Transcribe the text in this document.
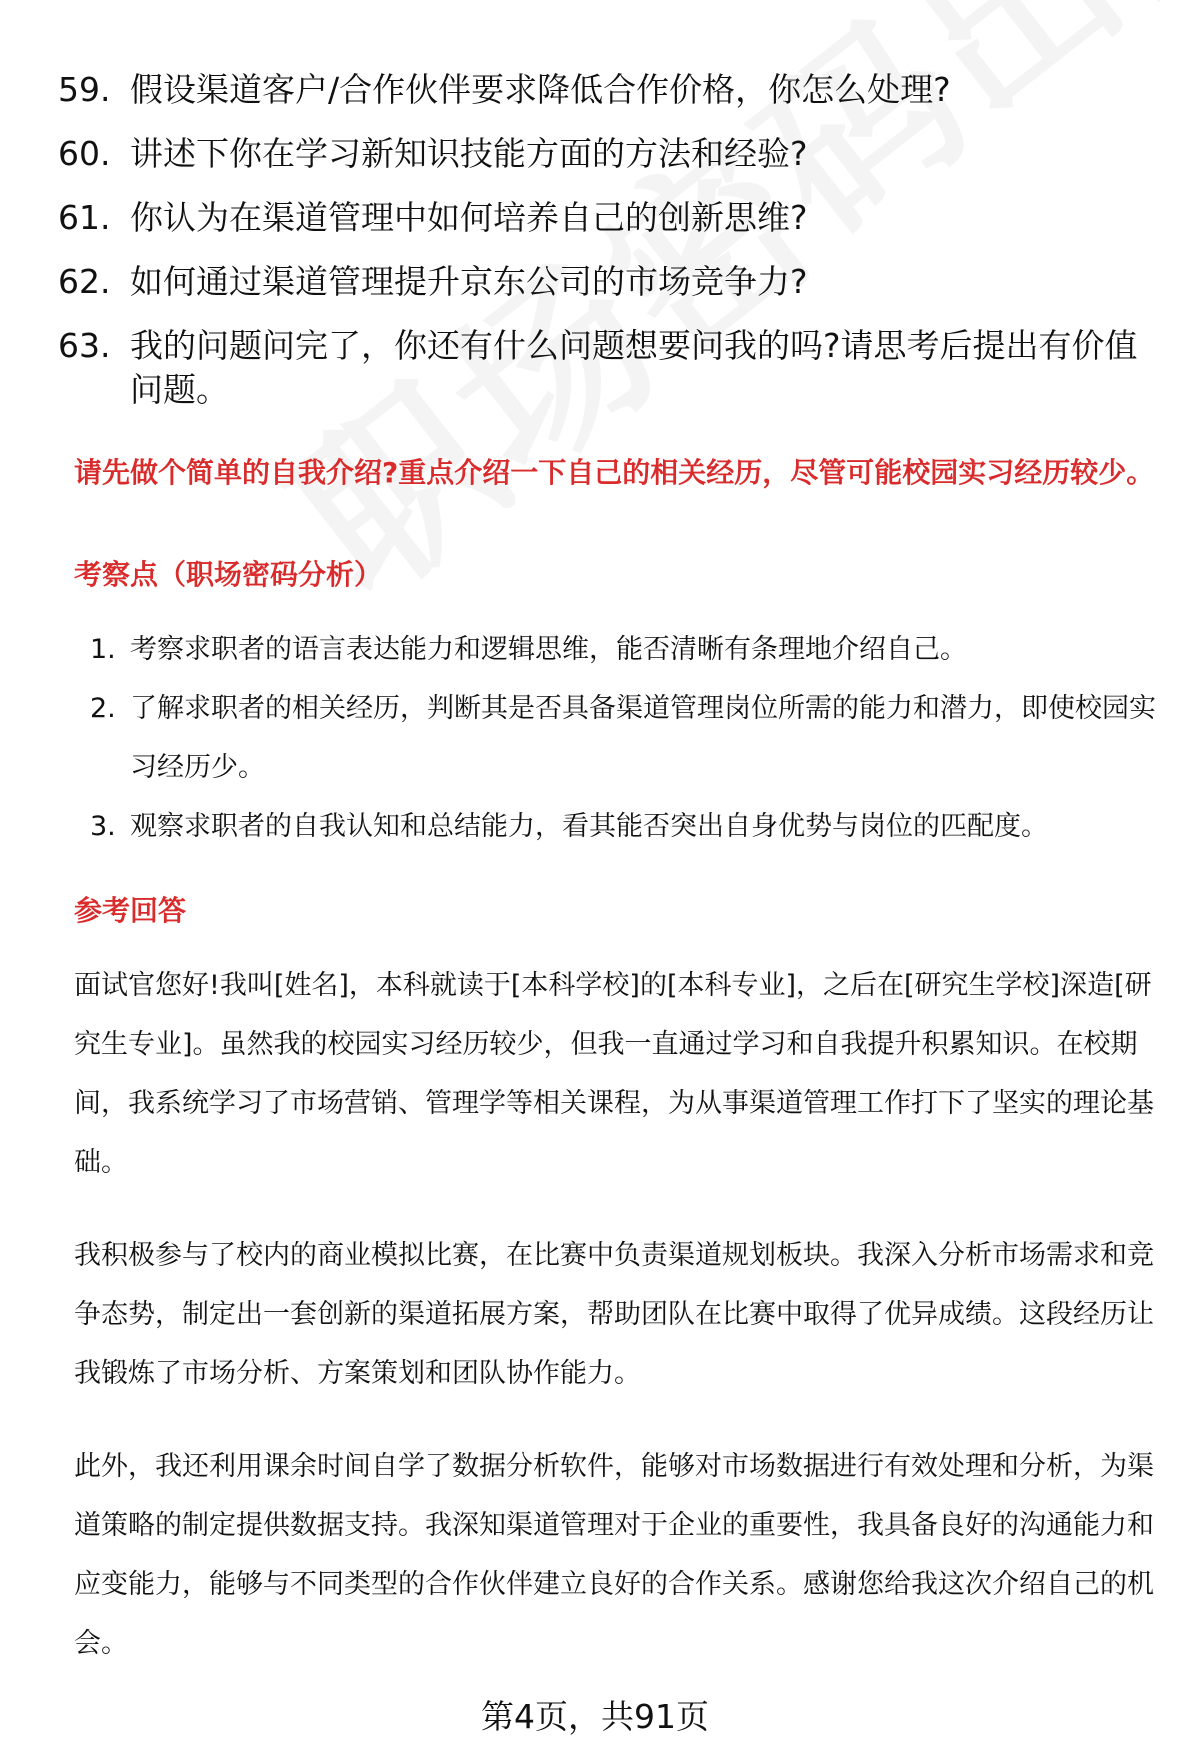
59. 假设渠道客户/合作伙伴要求降低合作价格，你怎么处理?
60. 讲述下你在学习新知识技能方面的方法和经验?
61. 你认为在渠道管理中如何培养自己的创新思维?
62. 如何通过渠道管理提升京东公司的市场竞争力?
63. 我的问题问完了，你还有什么问题想要问我的吗?请思考后提出有价值问题。
请先做个简单的自我介绍?重点介绍一下自己的相关经历，尽管可能校园实习经历较少。
考察点（职场密码分析）
1. 考察求职者的语言表达能力和逻辑思维，能否清晰有条理地介绍自己。
2. 了解求职者的相关经历，判断其是否具备渠道管理岗位所需的能力和潜力，即使校园实习经历少。
3. 观察求职者的自我认知和总结能力，看其能否突出自身优势与岗位的匹配度。
参考回答

面试官您好!我叫[姓名]，本科就读于[本科学校]的[本科专业]，之后在[研究生学校]深造[研究生专业]。虽然我的校园实习经历较少，但我一直通过学习和自我提升积累知识。在校期间，我系统学习了市场营销、管理学等相关课程，为从事渠道管理工作打下了坚实的理论基础。

我积极参与了校内的商业模拟比赛，在比赛中负责渠道规划板块。我深入分析市场需求和竞争态势，制定出一套创新的渠道拓展方案，帮助团队在比赛中取得了优异成绩。这段经历让我锻炼了市场分析、方案策划和团队协作能力。

此外，我还利用课余时间自学了数据分析软件，能够对市场数据进行有效处理和分析，为渠道策略的制定提供数据支持。我深知渠道管理对于企业的重要性，我具备良好的沟通能力和应变能力，能够与不同类型的合作伙伴建立良好的合作关系。感谢您给我这次介绍自己的机会。

第4页，共91页
